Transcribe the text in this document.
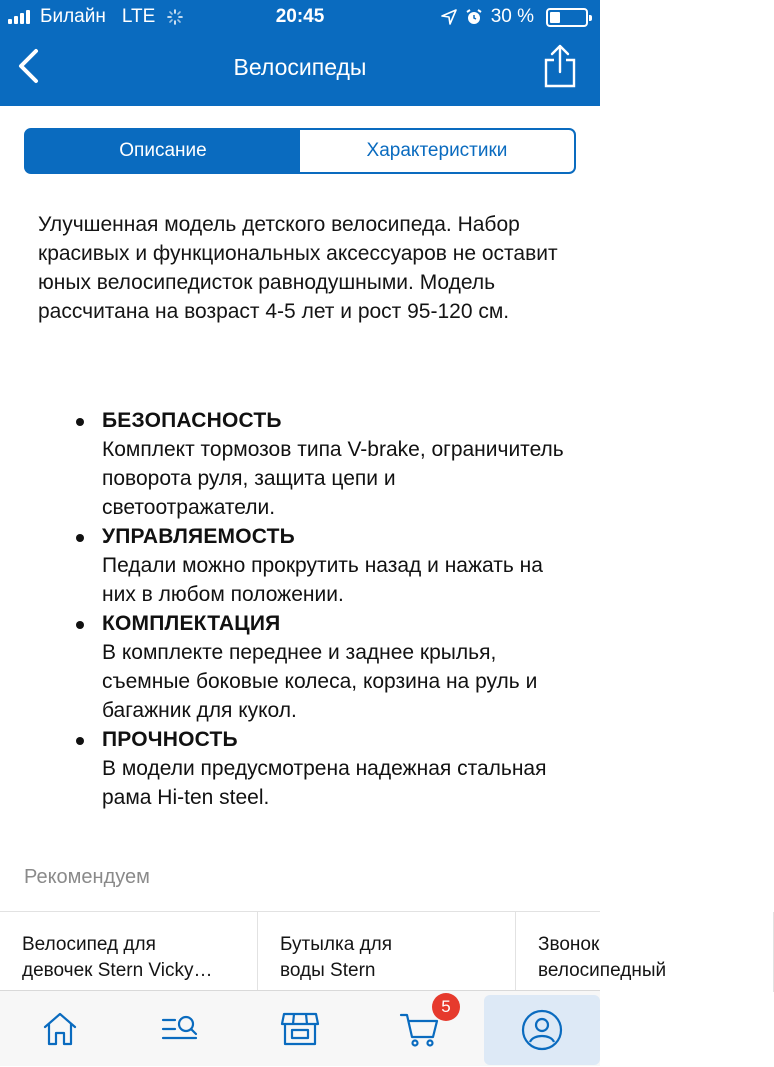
Билайн LTE	20:45	30 %
Велосипеды
Описание	Характеристики
Улучшенная модель детского велосипеда. Набор красивых и функциональных аксессуаров не оставит юных велосипедисток равнодушными. Модель рассчитана на возраст 4-5 лет и рост 95-120 см.
БЕЗОПАСНОСТЬ
Комплект тормозов типа V-brake, ограничитель поворота руля, защита цепи и светоотражатели.
УПРАВЛЯЕМОСТЬ
Педали можно прокрутить назад и нажать на них в любом положении.
КОМПЛЕКТАЦИЯ
В комплекте переднее и заднее крылья, съемные боковые колеса, корзина на руль и багажник для кукол.
ПРОЧНОСТЬ
В модели предусмотрена надежная стальная рама Hi-ten steel.
Рекомендуем
Велосипед для
девочек Stern Vicky…
Бутылка для
воды Stern
Звонок
велосипедный
5
